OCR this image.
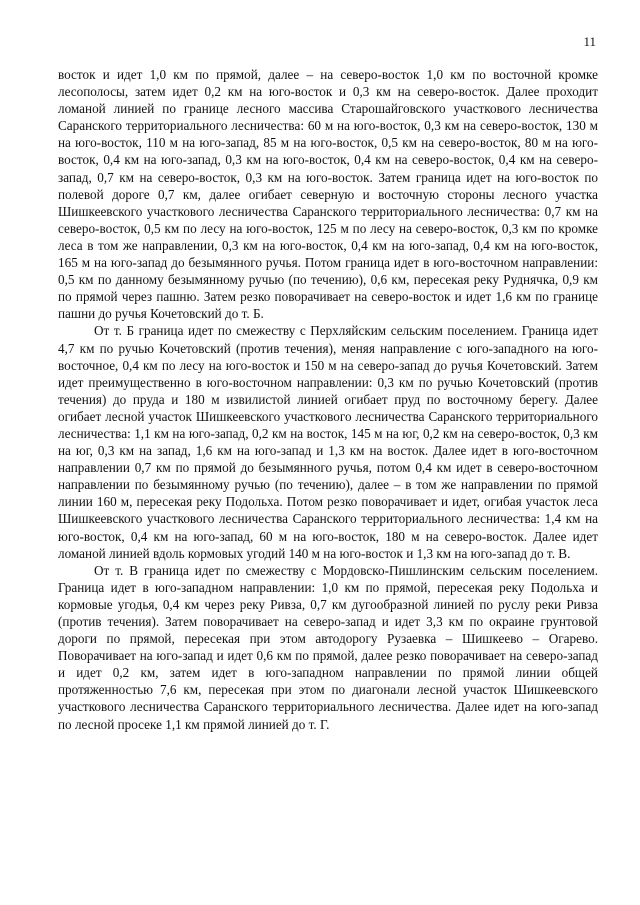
11

восток и идет 1,0 км по прямой, далее – на северо-восток 1,0 км по восточной кромке лесополосы, затем идет 0,2 км на юго-восток и 0,3 км на северо-восток. Далее проходит ломаной линией по границе лесного массива Старошайговского участкового лесничества Саранского территориального лесничества: 60 м на юго-восток, 0,3 км на северо-восток, 130 м на юго-восток, 110 м на юго-запад, 85 м на юго-восток, 0,5 км на северо-восток, 80 м на юго-восток, 0,4 км на юго-запад, 0,3 км на юго-восток, 0,4 км на северо-восток, 0,4 км на северо-запад, 0,7 км на северо-восток, 0,3 км на юго-восток. Затем граница идет на юго-восток по полевой дороге 0,7 км, далее огибает северную и восточную стороны лесного участка Шишкеевского участкового лесничества Саранского территориального лесничества: 0,7 км на северо-восток, 0,5 км по лесу на юго-восток, 125 м по лесу на северо-восток, 0,3 км по кромке леса в том же направлении, 0,3 км на юго-восток, 0,4 км на юго-запад, 0,4 км на юго-восток, 165 м на юго-запад до безымянного ручья. Потом граница идет в юго-восточном направлении: 0,5 км по данному безымянному ручью (по течению), 0,6 км, пересекая реку Руднячка, 0,9 км по прямой через пашню. Затем резко поворачивает на северо-восток и идет 1,6 км по границе пашни до ручья Кочетовский до т. Б.

От т. Б граница идет по смежеству с Перхляйским сельским поселением. Граница идет 4,7 км по ручью Кочетовский (против течения), меняя направление с юго-западного на юго-восточное, 0,4 км по лесу на юго-восток и 150 м на северо-запад до ручья Кочетовский. Затем идет преимущественно в юго-восточном направлении: 0,3 км по ручью Кочетовский (против течения) до пруда и 180 м извилистой линией огибает пруд по восточному берегу. Далее огибает лесной участок Шишкеевского участкового лесничества Саранского территориального лесничества: 1,1 км на юго-запад, 0,2 км на восток, 145 м на юг, 0,2 км на северо-восток, 0,3 км на юг, 0,3 км на запад, 1,6 км на юго-запад и 1,3 км на восток. Далее идет в юго-восточном направлении 0,7 км по прямой до безымянного ручья, потом 0,4 км идет в северо-восточном направлении по безымянному ручью (по течению), далее – в том же направлении по прямой линии 160 м, пересекая реку Подольха. Потом резко поворачивает и идет, огибая участок леса Шишкеевского участкового лесничества Саранского территориального лесничества: 1,4 км на юго-восток, 0,4 км на юго-запад, 60 м на юго-восток, 180 м на северо-восток. Далее идет ломаной линией вдоль кормовых угодий 140 м на юго-восток и 1,3 км на юго-запад до т. В.

От т. В граница идет по смежеству с Мордовско-Пишлинским сельским поселением. Граница идет в юго-западном направлении: 1,0 км по прямой, пересекая реку Подольха и кормовые угодья, 0,4 км через реку Ривза, 0,7 км дугообразной линией по руслу реки Ривза (против течения). Затем поворачивает на северо-запад и идет 3,3 км по окраине грунтовой дороги по прямой, пересекая при этом автодорогу Рузаевка – Шишкеево – Огарево. Поворачивает на юго-запад и идет 0,6 км по прямой, далее резко поворачивает на северо-запад и идет 0,2 км, затем идет в юго-западном направлении по прямой линии общей протяженностью 7,6 км, пересекая при этом по диагонали лесной участок Шишкеевского участкового лесничества Саранского территориального лесничества. Далее идет на юго-запад по лесной просеке 1,1 км прямой линией до т. Г.
